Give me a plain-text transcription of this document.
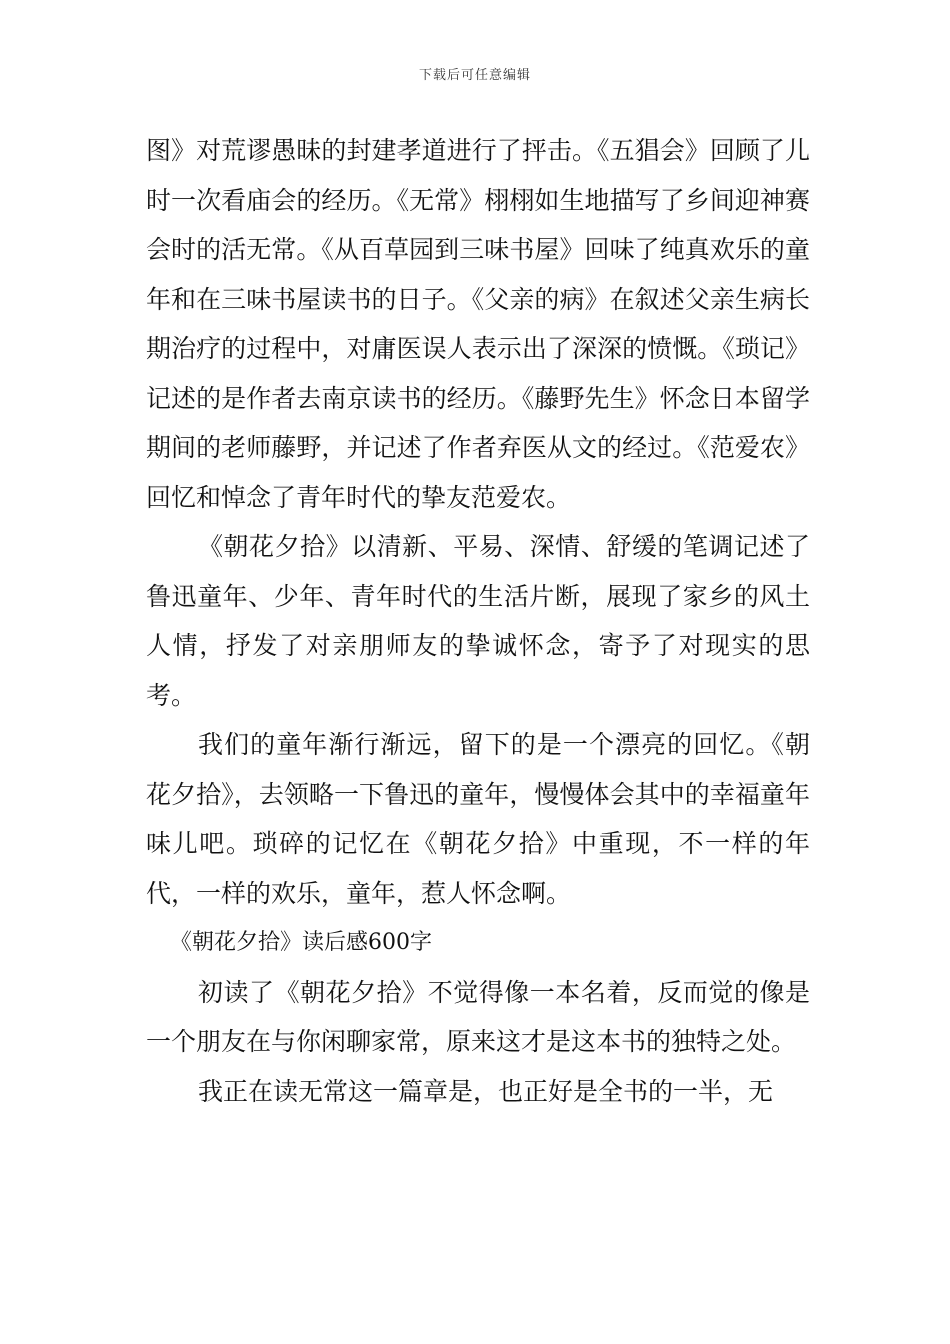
下载后可任意编辑

图》对荒谬愚昧的封建孝道进行了抨击。《五猖会》回顾了儿时一次看庙会的经历。《无常》栩栩如生地描写了乡间迎神赛会时的活无常。《从百草园到三味书屋》回味了纯真欢乐的童年和在三味书屋读书的日子。《父亲的病》在叙述父亲生病长期治疗的过程中，对庸医误人表示出了深深的愤慨。《琐记》记述的是作者去南京读书的经历。《藤野先生》怀念日本留学期间的老师藤野，并记述了作者弃医从文的经过。《范爱农》回忆和悼念了青年时代的挚友范爱农。

《朝花夕拾》以清新、平易、深情、舒缓的笔调记述了鲁迅童年、少年、青年时代的生活片断，展现了家乡的风土人情，抒发了对亲朋师友的挚诚怀念，寄予了对现实的思考。

我们的童年渐行渐远，留下的是一个漂亮的回忆。《朝花夕拾》，去领略一下鲁迅的童年，慢慢体会其中的幸福童年味儿吧。琐碎的记忆在《朝花夕拾》中重现，不一样的年代，一样的欢乐，童年，惹人怀念啊。

《朝花夕拾》读后感600字

初读了《朝花夕拾》不觉得像一本名着，反而觉的像是一个朋友在与你闲聊家常，原来这才是这本书的独特之处。

我正在读无常这一篇章是，也正好是全书的一半，无
